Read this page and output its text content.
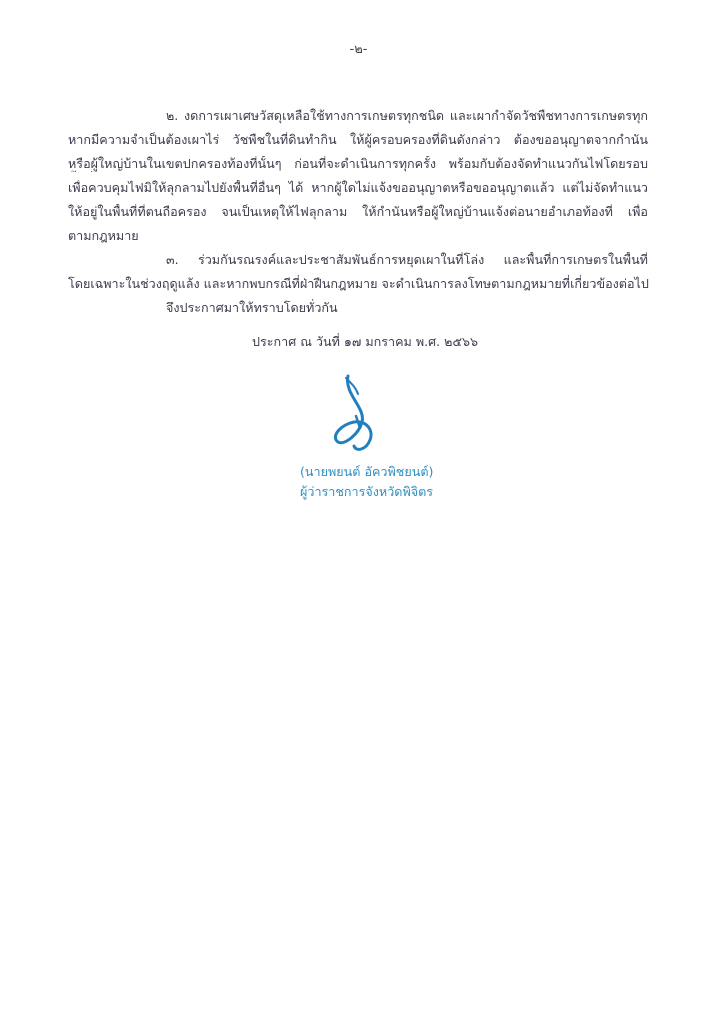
-๒-
๒. งดการเผาเศษวัสดุเหลือใช้ทางการเกษตรทุกชนิด และเผากำจัดวัชพืชทางการเกษตรทุก
หากมีความจำเป็นต้องเผาไร่ วัชพืชในที่ดินทำกิน ให้ผู้ครอบครองที่ดินดังกล่าว ต้องขออนุญาตจากกำนัน
หรือผู้ใหญ่บ้านในเขตปกครองท้องที่นั้นๆ ก่อนที่จะดำเนินการทุกครั้ง พร้อมกับต้องจัดทำแนวกันไฟโดยรอบ
เพื่อควบคุมไฟมิให้ลุกลามไปยังพื้นที่อื่นๆ ได้ หากผู้ใดไม่แจ้งขออนุญาตหรือขออนุญาตแล้ว แต่ไม่จัดทำแนว
ให้อยู่ในพื้นที่ที่ตนถือครอง จนเป็นเหตุให้ไฟลุกลาม ให้กำนันหรือผู้ใหญ่บ้านแจ้งต่อนายอำเภอท้องที่ เพื่อ
ตามกฎหมาย
๓. ร่วมกันรณรงค์และประชาสัมพันธ์การหยุดเผาในที่โล่ง และพื้นที่การเกษตรในพื้นที่
โดยเฉพาะในช่วงฤดูแล้ง และหากพบกรณีที่ฝ่าฝืนกฎหมาย จะดำเนินการลงโทษตามกฎหมายที่เกี่ยวข้องต่อไป
จึงประกาศมาให้ทราบโดยทั่วกัน
ประกาศ ณ วันที่ ๑๗ มกราคม พ.ศ. ๒๕๖๖
(นายพยนต์ อัควพิชยนต์)
ผู้ว่าราชการจังหวัดพิจิตร
